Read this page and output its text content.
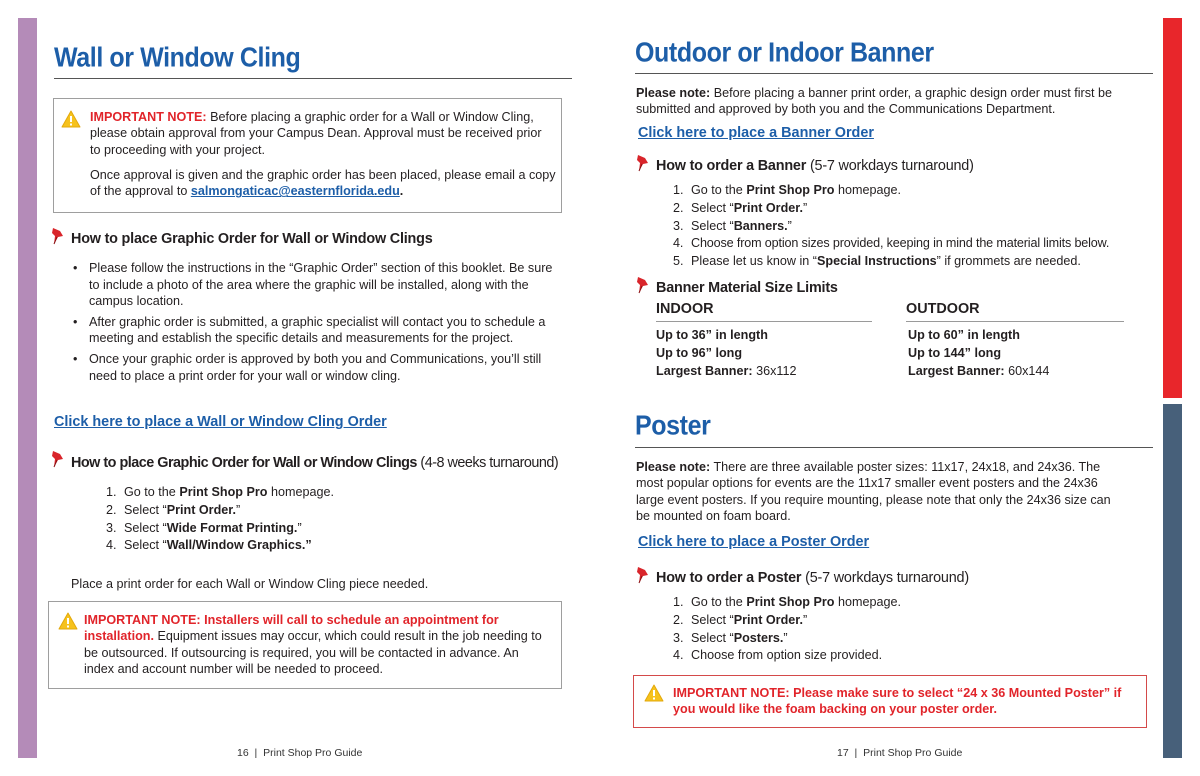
Wall or Window Cling
IMPORTANT NOTE: Before placing a graphic order for a Wall or Window Cling, please obtain approval from your Campus Dean. Approval must be received prior to proceeding with your project.
Once approval is given and the graphic order has been placed, please email a copy of the approval to salmongaticac@easternflorida.edu.
How to place Graphic Order for Wall or Window Clings
• Please follow the instructions in the “Graphic Order” section of this booklet. Be sure to include a photo of the area where the graphic will be installed, along with the campus location.
• After graphic order is submitted, a graphic specialist will contact you to schedule a meeting and establish the specific details and measurements for the project.
• Once your graphic order is approved by both you and Communications, you’ll still need to place a print order for your wall or window cling.
Click here to place a Wall or Window Cling Order
How to place Graphic Order for Wall or Window Clings (4-8 weeks turnaround)
1. Go to the Print Shop Pro homepage.
2. Select “Print Order.”
3. Select “Wide Format Printing.”
4. Select “Wall/Window Graphics.”
Place a print order for each Wall or Window Cling piece needed.
IMPORTANT NOTE: Installers will call to schedule an appointment for installation. Equipment issues may occur, which could result in the job needing to be outsourced. If outsourcing is required, you will be contacted in advance. An index and account number will be needed to proceed.
16 | Print Shop Pro Guide
Outdoor or Indoor Banner
Please note: Before placing a banner print order, a graphic design order must first be submitted and approved by both you and the Communications Department.
Click here to place a Banner Order
How to order a Banner (5-7 workdays turnaround)
1. Go to the Print Shop Pro homepage.
2. Select “Print Order.”
3. Select “Banners.”
4. Choose from option sizes provided, keeping in mind the material limits below.
5. Please let us know in “Special Instructions” if grommets are needed.
Banner Material Size Limits
INDOOR
Up to 36” in length
Up to 96” long
Largest Banner: 36x112
OUTDOOR
Up to 60” in length
Up to 144” long
Largest Banner: 60x144
Poster
Please note: There are three available poster sizes: 11x17, 24x18, and 24x36. The most popular options for events are the 11x17 smaller event posters and the 24x36 large event posters. If you require mounting, please note that only the 24x36 size can be mounted on foam board.
Click here to place a Poster Order
How to order a Poster (5-7 workdays turnaround)
1. Go to the Print Shop Pro homepage.
2. Select “Print Order.”
3. Select “Posters.”
4. Choose from option size provided.
IMPORTANT NOTE: Please make sure to select “24 x 36 Mounted Poster” if you would like the foam backing on your poster order.
17 | Print Shop Pro Guide
